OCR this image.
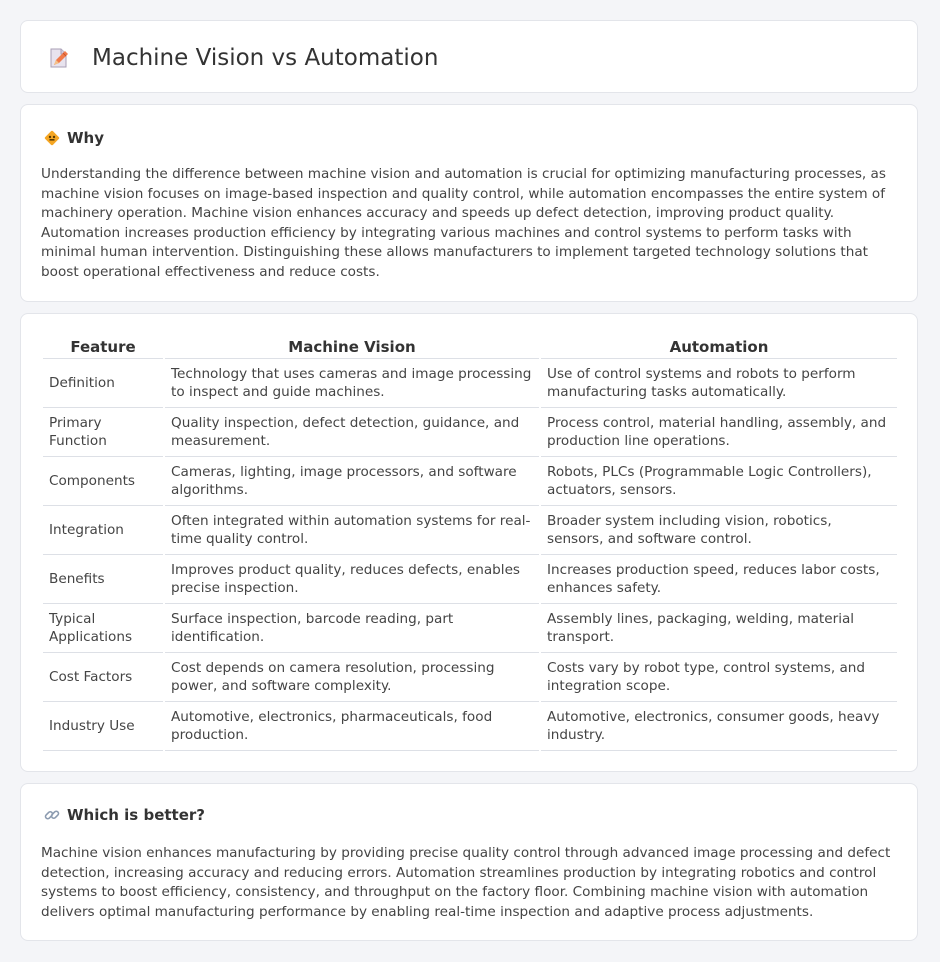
Machine Vision vs Automation
Why

Understanding the difference between machine vision and automation is crucial for optimizing manufacturing processes, as machine vision focuses on image-based inspection and quality control, while automation encompasses the entire system of machinery operation. Machine vision enhances accuracy and speeds up defect detection, improving product quality. Automation increases production efficiency by integrating various machines and control systems to perform tasks with minimal human intervention. Distinguishing these allows manufacturers to implement targeted technology solutions that boost operational effectiveness and reduce costs.

Feature	Machine Vision	Automation
Definition	Technology that uses cameras and image processing to inspect and guide machines.	Use of control systems and robots to perform manufacturing tasks automatically.
Primary Function	Quality inspection, defect detection, guidance, and measurement.	Process control, material handling, assembly, and production line operations.
Components	Cameras, lighting, image processors, and software algorithms.	Robots, PLCs (Programmable Logic Controllers), actuators, sensors.
Integration	Often integrated within automation systems for real-time quality control.	Broader system including vision, robotics, sensors, and software control.
Benefits	Improves product quality, reduces defects, enables precise inspection.	Increases production speed, reduces labor costs, enhances safety.
Typical Applications	Surface inspection, barcode reading, part identification.	Assembly lines, packaging, welding, material transport.
Cost Factors	Cost depends on camera resolution, processing power, and software complexity.	Costs vary by robot type, control systems, and integration scope.
Industry Use	Automotive, electronics, pharmaceuticals, food production.	Automotive, electronics, consumer goods, heavy industry.
Which is better?

Machine vision enhances manufacturing by providing precise quality control through advanced image processing and defect detection, increasing accuracy and reducing errors. Automation streamlines production by integrating robotics and control systems to boost efficiency, consistency, and throughput on the factory floor. Combining machine vision with automation delivers optimal manufacturing performance by enabling real-time inspection and adaptive process adjustments.
